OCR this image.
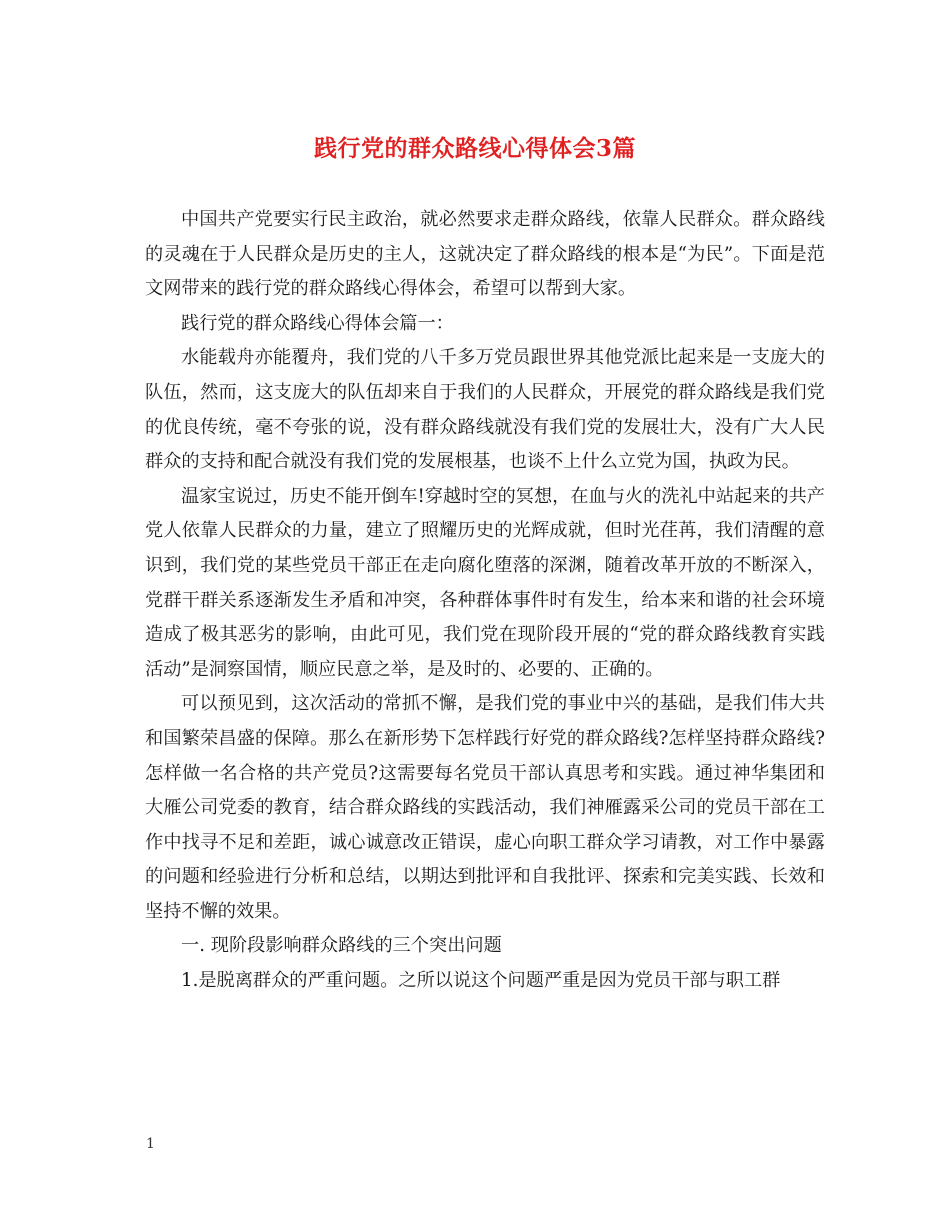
践行党的群众路线心得体会3篇

中国共产党要实行民主政治，就必然要求走群众路线，依靠人民群众。群众路线的灵魂在于人民群众是历史的主人，这就决定了群众路线的根本是“为民”。下面是范文网带来的践行党的群众路线心得体会，希望可以帮到大家。

践行党的群众路线心得体会篇一：

水能载舟亦能覆舟，我们党的八千多万党员跟世界其他党派比起来是一支庞大的队伍，然而，这支庞大的队伍却来自于我们的人民群众，开展党的群众路线是我们党的优良传统，毫不夸张的说，没有群众路线就没有我们党的发展壮大，没有广大人民群众的支持和配合就没有我们党的发展根基，也谈不上什么立党为国，执政为民。

温家宝说过，历史不能开倒车!穿越时空的冥想，在血与火的洗礼中站起来的共产党人依靠人民群众的力量，建立了照耀历史的光辉成就，但时光荏苒，我们清醒的意识到，我们党的某些党员干部正在走向腐化堕落的深渊，随着改革开放的不断深入，党群干群关系逐渐发生矛盾和冲突，各种群体事件时有发生，给本来和谐的社会环境造成了极其恶劣的影响，由此可见，我们党在现阶段开展的“党的群众路线教育实践活动”是洞察国情，顺应民意之举，是及时的、必要的、正确的。

可以预见到，这次活动的常抓不懈，是我们党的事业中兴的基础，是我们伟大共和国繁荣昌盛的保障。那么在新形势下怎样践行好党的群众路线?怎样坚持群众路线?怎样做一名合格的共产党员?这需要每名党员干部认真思考和实践。通过神华集团和大雁公司党委的教育，结合群众路线的实践活动，我们神雁露采公司的党员干部在工作中找寻不足和差距，诚心诚意改正错误，虚心向职工群众学习请教，对工作中暴露的问题和经验进行分析和总结，以期达到批评和自我批评、探索和完美实践、长效和坚持不懈的效果。

一. 现阶段影响群众路线的三个突出问题

1.是脱离群众的严重问题。之所以说这个问题严重是因为党员干部与职工群

1
